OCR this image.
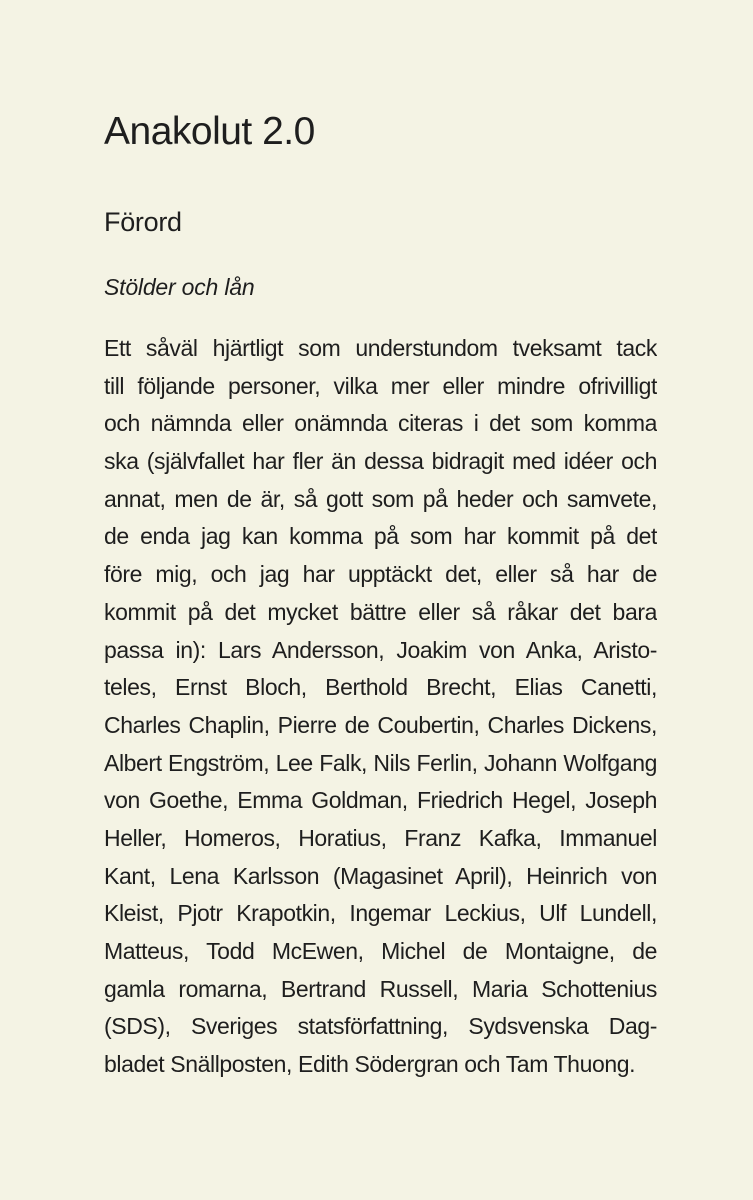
Anakolut 2.0
Förord
Stölder och lån
Ett såväl hjärtligt som understundom tveksamt tack
till följande personer, vilka mer eller mindre ofrivilligt
och nämnda eller onämnda citeras i det som komma
ska (självfallet har fler än dessa bidragit med idéer och
annat, men de är, så gott som på heder och samvete,
de enda jag kan komma på som har kommit på det
före mig, och jag har upptäckt det, eller så har de
kommit på det mycket bättre eller så råkar det bara
passa in): Lars Andersson, Joakim von Anka, Aristo-
teles, Ernst Bloch, Berthold Brecht, Elias Canetti,
Charles Chaplin, Pierre de Coubertin, Charles Dickens,
Albert Engström, Lee Falk, Nils Ferlin, Johann Wolfgang
von Goethe, Emma Goldman, Friedrich Hegel, Joseph
Heller, Homeros, Horatius, Franz Kafka, Immanuel
Kant, Lena Karlsson (Magasinet April), Heinrich von
Kleist, Pjotr Krapotkin, Ingemar Leckius, Ulf Lundell,
Matteus, Todd McEwen, Michel de Montaigne, de
gamla romarna, Bertrand Russell, Maria Schottenius
(SDS), Sveriges statsförfattning, Sydsvenska Dag-
bladet Snällposten, Edith Södergran och Tam Thuong.
